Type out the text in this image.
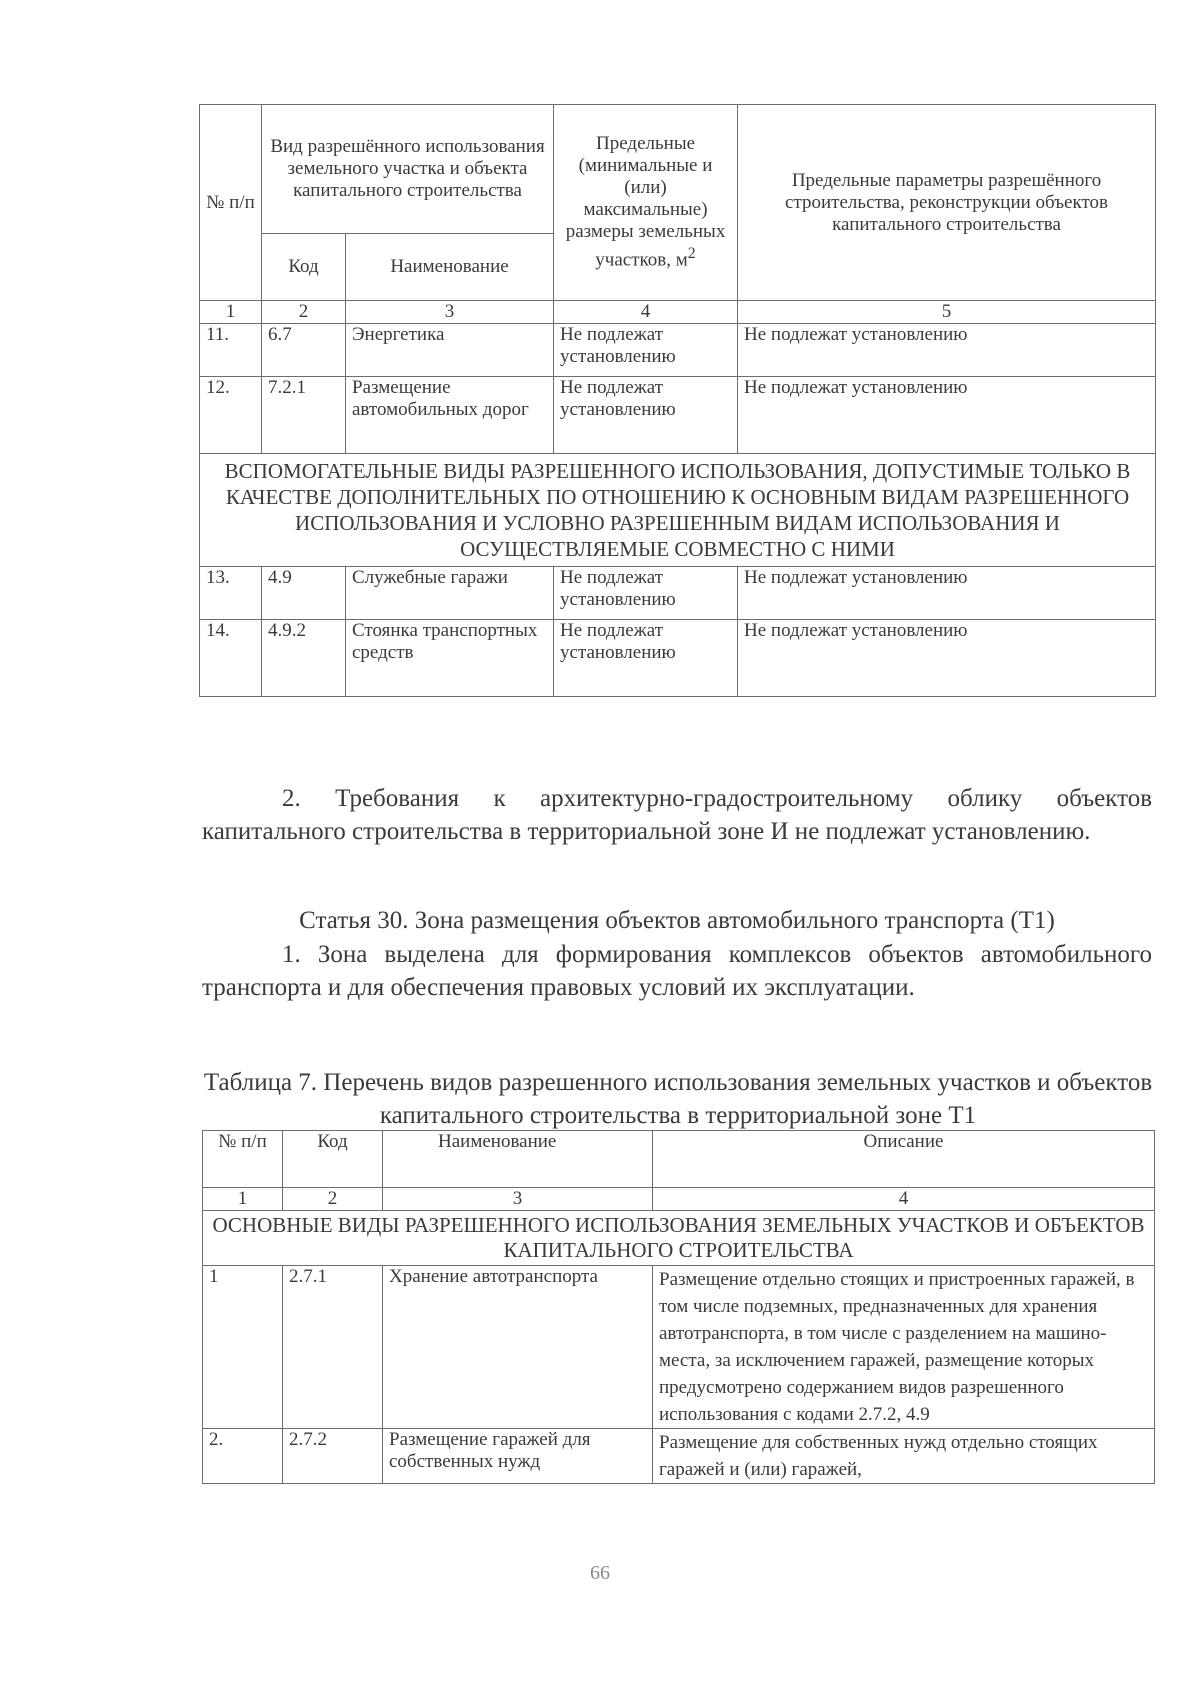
№ п/п	Вид разрешённого использования земельного участка и объекта капитального строительства		Предельные (минимальные и (или) максимальные) размеры земельных участков, $м^2$	Предельные параметры разрешённого строительства, реконструкции объектов капитального строительства
	Код	Наименование		
1	2	3	4	5
11.	6.7	Энергетика	Не подлежат установлению	Не подлежат установлению
12.	7.2.1	Размещение автомобильных дорог	Не подлежат установлению	Не подлежат установлению
ВСПОМОГАТЕЛЬНЫЕ ВИДЫ РАЗРЕШЕННОГО ИСПОЛЬЗОВАНИЯ, ДОПУСТИМЫЕ ТОЛЬКО В КАЧЕСТВЕ ДОПОЛНИТЕЛЬНЫХ ПО ОТНОШЕНИЮ К ОСНОВНЫМ ВИДАМ РАЗРЕШЕННОГО ИСПОЛЬЗОВАНИЯ И УСЛОВНО РАЗРЕШЕННЫМ ВИДАМ ИСПОЛЬЗОВАНИЯ И ОСУЩЕСТВЛЯЕМЫЕ СОВМЕСТНО С НИМИ				
13.	4.9	Служебные гаражи	Не подлежат установлению	Не подлежат установлению
14.	4.9.2	Стоянка транспортных средств	Не подлежат установлению	Не подлежат установлению
2. Требования к архитектурно-градостроительному облику объектов капитального строительства в территориальной зоне И не подлежат установлению.
Статья 30. Зона размещения объектов автомобильного транспорта (Т1)
1. Зона выделена для формирования комплексов объектов автомобильного транспорта и для обеспечения правовых условий их эксплуатации.
Таблица 7. Перечень видов разрешенного использования земельных участков и объектов капитального строительства в территориальной зоне Т1
№ п/п	Код	Наименование	Описание
1	2	3	4
ОСНОВНЫЕ ВИДЫ РАЗРЕШЕННОГО ИСПОЛЬЗОВАНИЯ ЗЕМЕЛЬНЫХ УЧАСТКОВ И ОБЪЕКТОВ КАПИТАЛЬНОГО СТРОИТЕЛЬСТВА			
1	2.7.1	Хранение автотранспорта	Размещение отдельно стоящих и пристроенных гаражей, в том числе подземных, предназначенных для хранения автотранспорта, в том числе с разделением на машино-места, за исключением гаражей, размещение которых предусмотрено содержанием видов разрешенного использования с кодами 2.7.2, 4.9
2.	2.7.2	Размещение гаражей для собственных нужд	Размещение для собственных нужд отдельно стоящих гаражей и (или) гаражей,
66
